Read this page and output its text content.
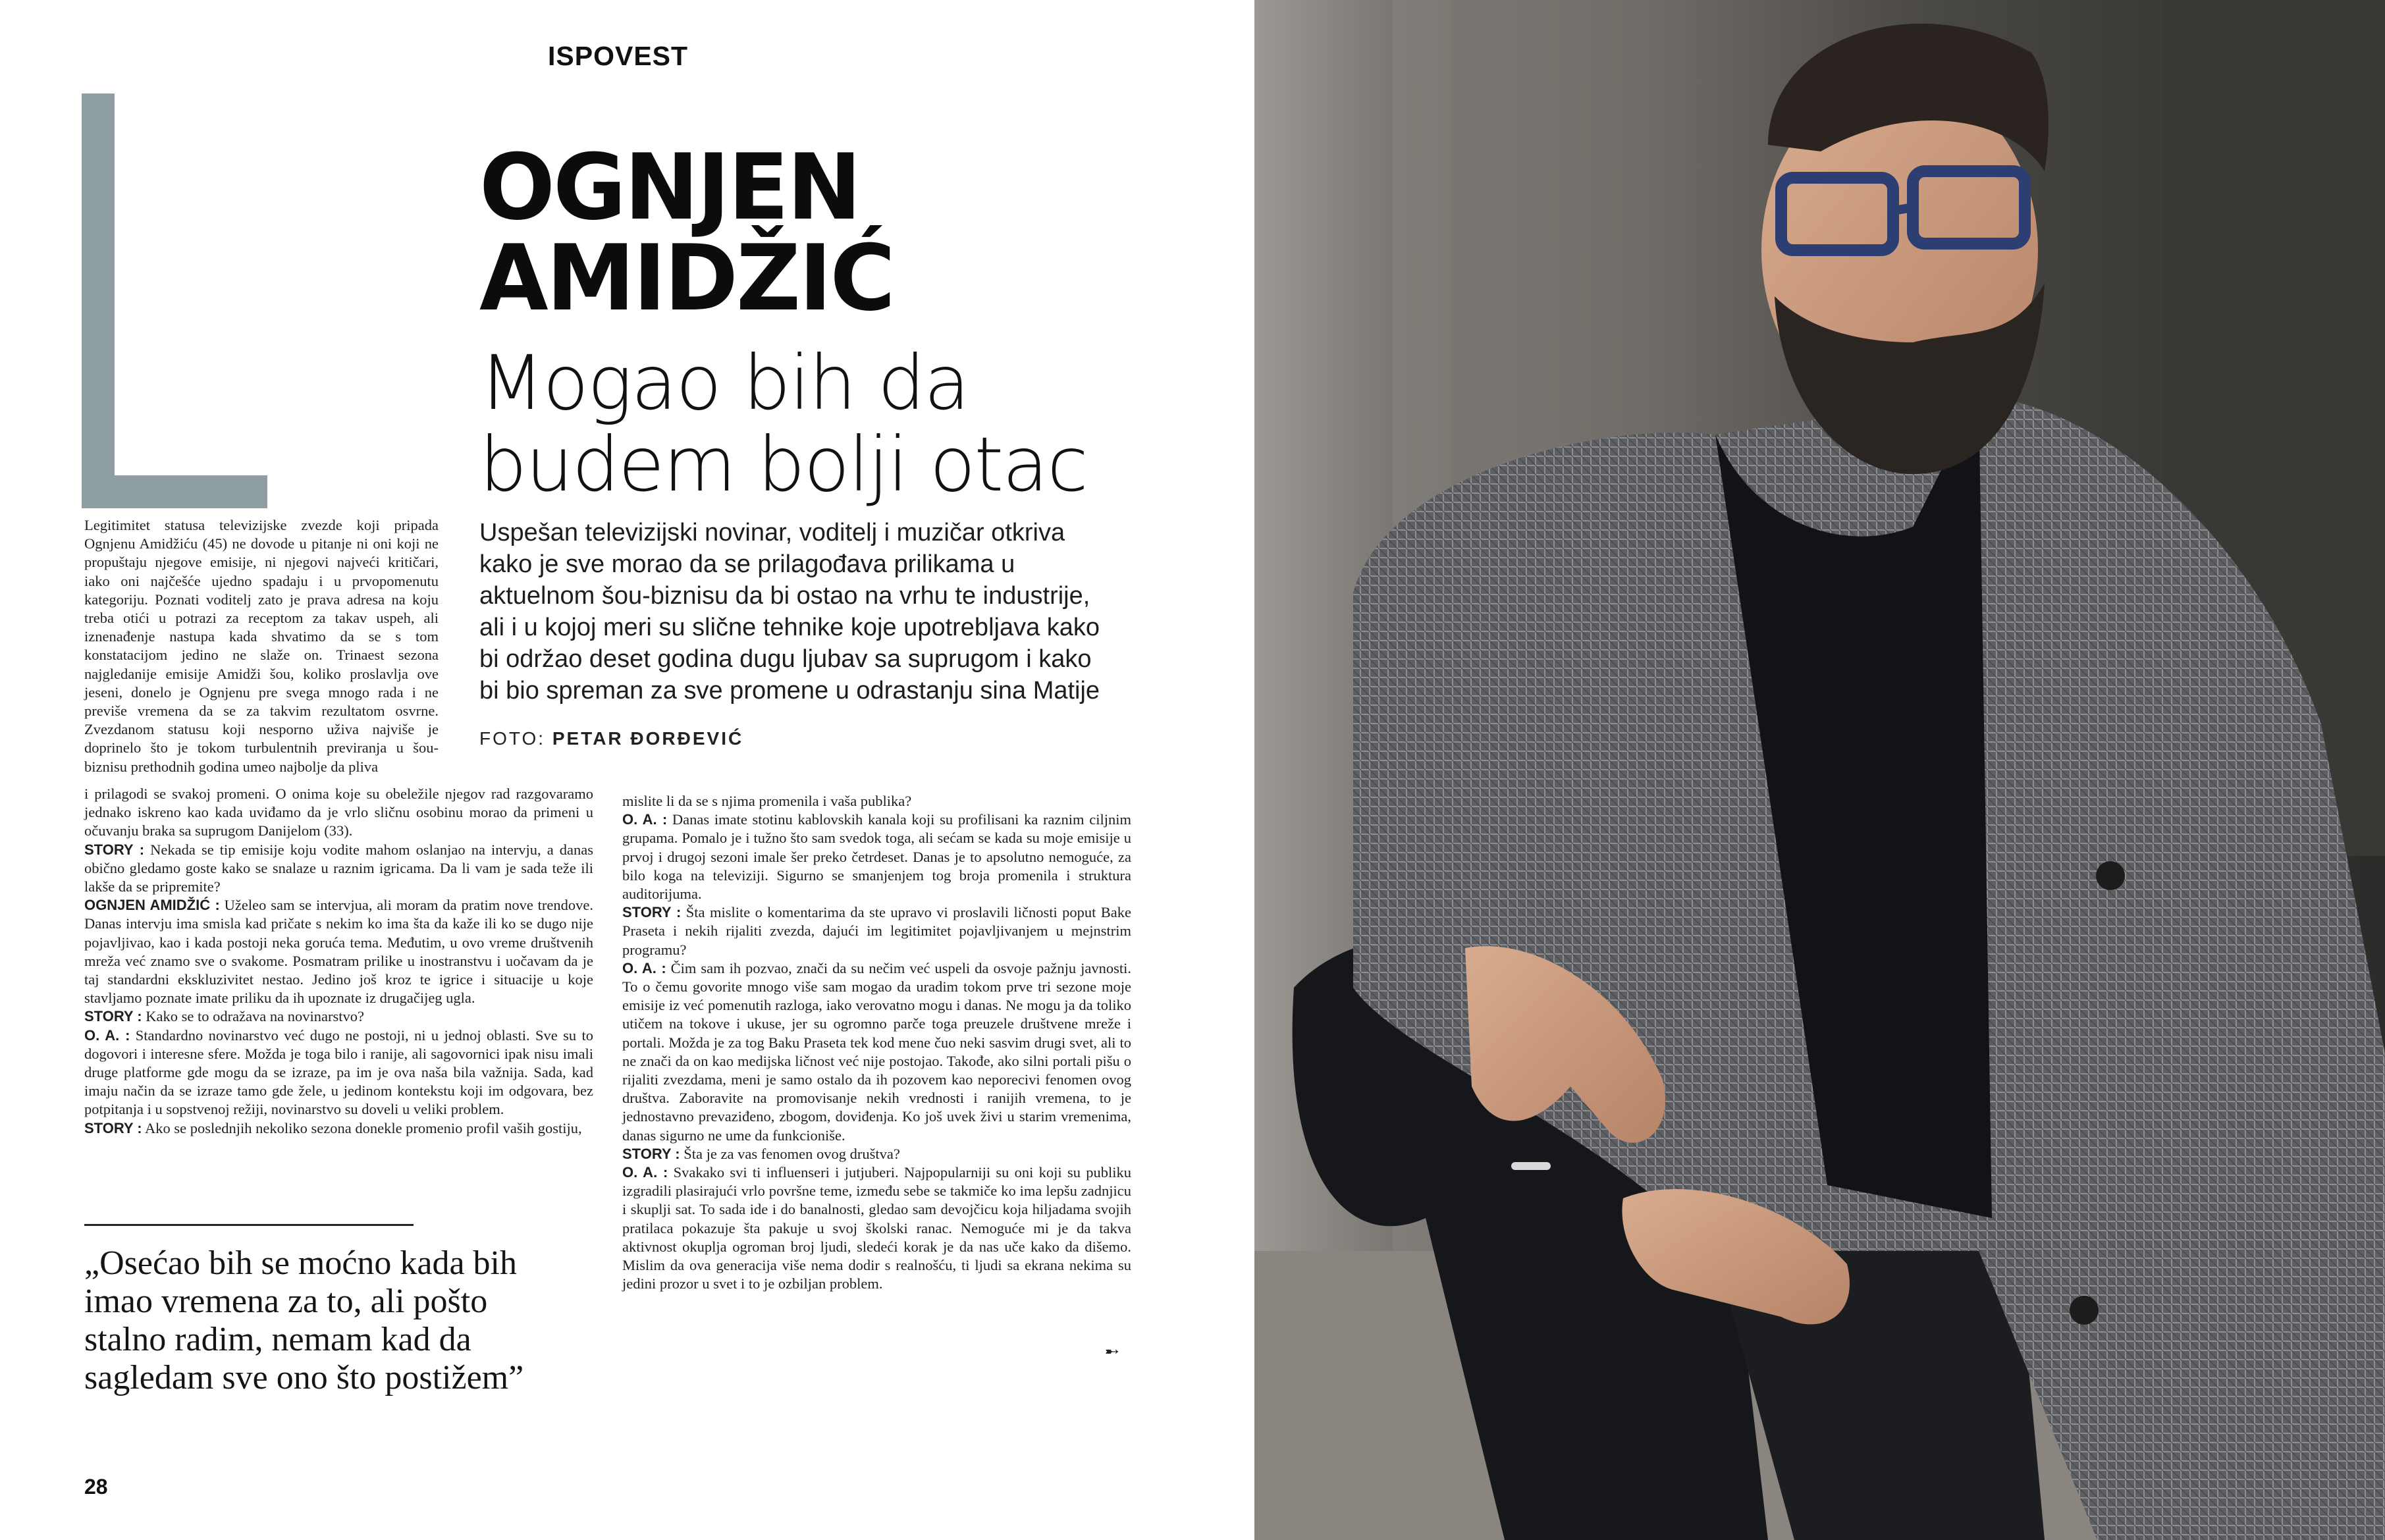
ISPOVEST
OGNJEN
AMIDŽIĆ
Mogao bih da
budem bolji otac
Uspešan televizijski novinar, voditelj i muzičar otkriva kako je sve morao da se prilagođava prilikama u aktuelnom šou-biznisu da bi ostao na vrhu te industrije, ali i u kojoj meri su slične tehnike koje upotrebljava kako bi održao deset godina dugu ljubav sa suprugom i kako bi bio spreman za sve promene u odrastanju sina Matije
FOTO: PETAR ĐORĐEVIĆ

Legitimitet statusa televizijske zvezde koji pripada Ognjenu Amidžiću (45) ne dovode u pitanje ni oni koji ne propuštaju njegove emisije, ni njegovi najveći kritičari, iako oni najčešće ujedno spadaju i u prvopomenutu kategoriju. Poznati voditelj zato je prava adresa na koju treba otići u potrazi za receptom za takav uspeh, ali iznenađenje nastupa kada shvatimo da se s tom konstatacijom jedino ne slaže on. Trinaest sezona najgledanije emisije Amidži šou, koliko proslavlja ove jeseni, donelo je Ognjenu pre svega mnogo rada i ne previše vremena da se za takvim rezultatom osvrne. Zvezdanom statusu koji nesporno uživa najviše je doprinelo što je tokom turbulentnih previranja u šou-biznisu prethodnih godina umeo najbolje da pliva

i prilagodi se svakoj promeni. O onima koje su obeležile njegov rad razgovaramo jednako iskreno kao kada uviđamo da je vrlo sličnu osobinu morao da primeni u očuvanju braka sa suprugom Danijelom (33).

STORY : Nekada se tip emisije koju vodite mahom oslanjao na intervju, a danas obično gledamo goste kako se snalaze u raznim igricama. Da li vam je sada teže ili lakše da se pripremite?

OGNJEN AMIDŽIĆ : Uželeo sam se intervjua, ali moram da pratim nove trendove. Danas intervju ima smisla kad pričate s nekim ko ima šta da kaže ili ko se dugo nije pojavljivao, kao i kada postoji neka goruća tema. Međutim, u ovo vreme društvenih mreža već znamo sve o svakome. Posmatram prilike u inostranstvu i uočavam da je taj standardni ekskluzivitet nestao. Jedino još kroz te igrice i situacije u koje stavljamo poznate imate priliku da ih upoznate iz drugačijeg ugla.

STORY : Kako se to odražava na novinarstvo?

O. A. : Standardno novinarstvo već dugo ne postoji, ni u jednoj oblasti. Sve su to dogovori i interesne sfere. Možda je toga bilo i ranije, ali sagovornici ipak nisu imali druge platforme gde mogu da se izraze, pa im je ova naša bila važnija. Sada, kad imaju način da se izraze tamo gde žele, u jedinom kontekstu koji im odgovara, bez potpitanja i u sopstvenoj režiji, novinarstvo su doveli u veliki problem.

STORY : Ako se poslednjih nekoliko sezona donekle promenio profil vaših gostiju,

mislite li da se s njima promenila i vaša publika?

O. A. : Danas imate stotinu kablovskih kanala koji su profilisani ka raznim ciljnim grupama. Pomalo je i tužno što sam svedok toga, ali sećam se kada su moje emisije u prvoj i drugoj sezoni imale šer preko četrdeset. Danas je to apsolutno nemoguće, za bilo koga na televiziji. Sigurno se smanjenjem tog broja promenila i struktura auditorijuma.

STORY : Šta mislite o komentarima da ste upravo vi proslavili ličnosti poput Bake Praseta i nekih rijaliti zvezda, dajući im legitimitet pojavljivanjem u mejnstrim programu?

O. A. : Čim sam ih pozvao, znači da su nečim već uspeli da osvoje pažnju javnosti. To o čemu govorite mnogo više sam mogao da uradim tokom prve tri sezone moje emisije iz već pomenutih razloga, iako verovatno mogu i danas. Ne mogu ja da toliko utičem na tokove i ukuse, jer su ogromno parče toga preuzele društvene mreže i portali. Možda je za tog Baku Praseta tek kod mene čuo neki sasvim drugi svet, ali to ne znači da on kao medijska ličnost već nije postojao. Takođe, ako silni portali pišu o rijaliti zvezdama, meni je samo ostalo da ih pozovem kao neporecivi fenomen ovog društva. Zaboravite na promovisanje nekih vrednosti i ranijih vremena, to je jednostavno prevaziđeno, zbogom, doviđenja. Ko još uvek živi u starim vremenima, danas sigurno ne ume da funkcioniše.

STORY : Šta je za vas fenomen ovog društva?

O. A. : Svakako svi ti influenseri i jutjuberi. Najpopularniji su oni koji su publiku izgradili plasirajući vrlo površne teme, između sebe se takmiče ko ima lepšu zadnjicu i skuplji sat. To sada ide i do banalnosti, gledao sam devojčicu koja hiljadama svojih pratilaca pokazuje šta pakuje u svoj školski ranac. Nemoguće mi je da takva aktivnost okuplja ogroman broj ljudi, sledeći korak je da nas uče kako da dišemo. Mislim da ova generacija više nema dodir s realnošću, ti ljudi sa ekrana nekima su jedini prozor u svet i to je ozbiljan problem.

➸
„Osećao bih se moćno kada bih imao vremena za to, ali pošto stalno radim, nemam kad da sagledam sve ono što postižem”
28
